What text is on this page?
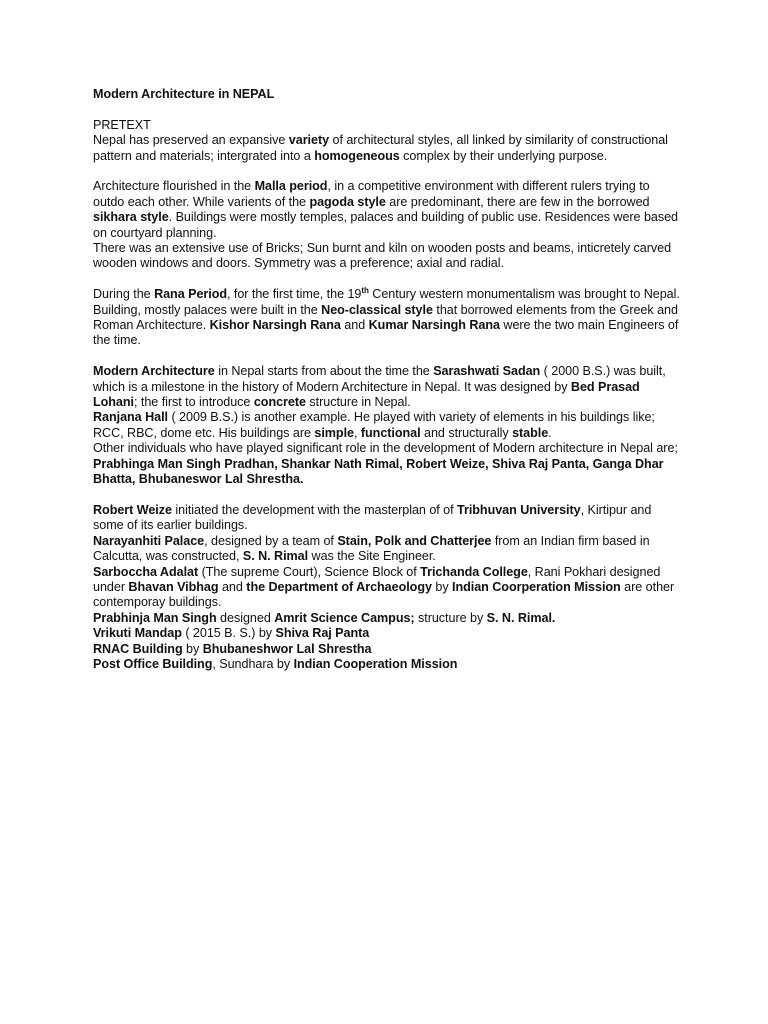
Modern Architecture in NEPAL

PRETEXT

Nepal has preserved an expansive variety of architectural styles, all linked by similarity of constructional pattern and materials; intergrated into a homogeneous complex by their underlying purpose.

Architecture flourished in the Malla period, in a competitive environment with different rulers trying to outdo each other. While varients of the pagoda style are predominant, there are few in the borrowed sikhara style. Buildings were mostly temples, palaces and building of public use. Residences were based on courtyard planning.

There was an extensive use of Bricks; Sun burnt and kiln on wooden posts and beams, inticretely carved wooden windows and doors. Symmetry was a preference; axial and radial.

During the Rana Period, for the first time, the 19th Century western monumentalism was brought to Nepal. Building, mostly palaces were built in the Neo-classical style that borrowed elements from the Greek and Roman Architecture. Kishor Narsingh Rana and Kumar Narsingh Rana were the two main Engineers of the time.

Modern Architecture in Nepal starts from about the time the Sarashwati Sadan ( 2000 B.S.) was built, which is a milestone in the history of Modern Architecture in Nepal. It was designed by Bed Prasad Lohani; the first to introduce concrete structure in Nepal.

Ranjana Hall ( 2009 B.S.) is another example. He played with variety of elements in his buildings like; RCC, RBC, dome etc. His buildings are simple, functional and structurally stable.

Other individuals who have played significant role in the development of Modern architecture in Nepal are; Prabhinga Man Singh Pradhan, Shankar Nath Rimal, Robert Weize, Shiva Raj Panta, Ganga Dhar Bhatta, Bhubaneswor Lal Shrestha.

Robert Weize initiated the development with the masterplan of of Tribhuvan University, Kirtipur and some of its earlier buildings.

Narayanhiti Palace, designed by a team of Stain, Polk and Chatterjee from an Indian firm based in Calcutta, was constructed, S. N. Rimal was the Site Engineer.

Sarboccha Adalat (The supreme Court), Science Block of Trichanda College, Rani Pokhari designed under Bhavan Vibhag and the Department of Archaeology by Indian Coorperation Mission are other contemporay buildings.

Prabhinja Man Singh designed Amrit Science Campus; structure by S. N. Rimal.

Vrikuti Mandap ( 2015 B. S.) by Shiva Raj Panta

RNAC Building by Bhubaneshwor Lal Shrestha

Post Office Building, Sundhara by Indian Cooperation Mission
